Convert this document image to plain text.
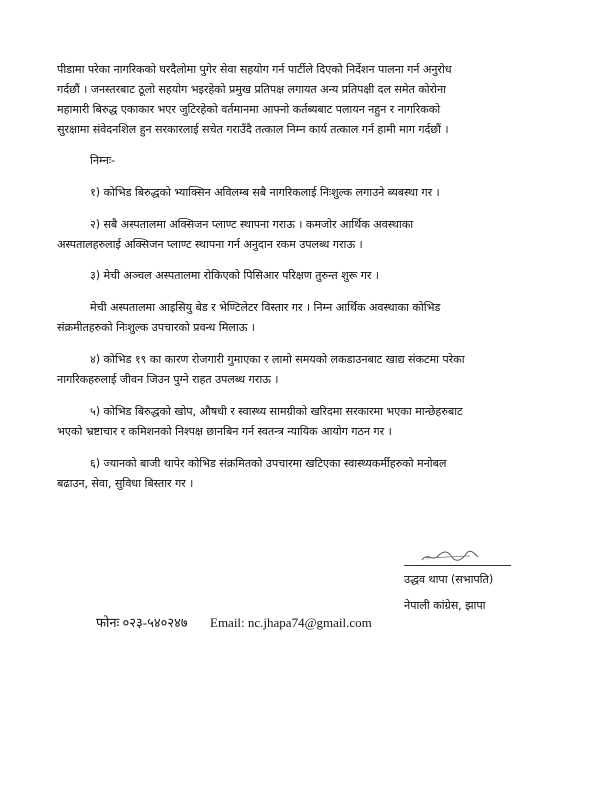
पीडामा परेका नागरिकको घरदैलोमा पुगेर सेवा सहयोग गर्न पार्टीले दिएको निर्देशन पालना गर्न अनुरोध
गर्दछौं । जनस्तरबाट ठूलो सहयोग भइरहेको प्रमुख प्रतिपक्ष लगायत अन्य प्रतिपक्षी दल समेत कोरोना
महामारी बिरुद्ध एकाकार भएर जुटिरहेको वर्तमानमा आफ्नो कर्तब्यबाट पलायन नहुन र नागरिकको
सुरक्षामा संवेदनशिल हुन सरकारलाई सचेत गराउँदै तत्काल निम्न कार्य तत्काल गर्न हामी माग गर्दछौं ।
निम्नः-
१) कोभिड बिरुद्धको भ्याक्सिन अविलम्ब सबै नागरिकलाई निःशुल्क लगाउने ब्यबस्था गर ।
२) सबै अस्पतालमा अक्सिजन प्लाण्ट स्थापना गराऊ । कमजोर आर्थिक अवस्थाका
अस्पतालहरुलाई अक्सिजन प्लाण्ट स्थापना गर्न अनुदान रकम उपलब्ध गराऊ ।
३) मेची अञ्चल अस्पतालमा रोकिएको पिसिआर परिक्षण तुरुन्त शुरू गर ।
मेची अस्पतालमा आइसियु बेड र भेण्टिलेटर विस्तार गर । निम्न आर्थिक अवस्थाका कोभिड
संक्रमीतहरुको निःशुल्क उपचारको प्रवन्ध मिलाऊ ।
४) कोभिड १९ का कारण रोजगारी गुमाएका र लामो समयको लकडाउनबाट खाद्य संकटमा परेका
नागरिकहरुलाई जीवन जिउन पुग्ने राहत उपलब्ध गराऊ ।
५) कोभिड बिरुद्धको खोप, औषधी र स्वास्थ्य सामग्रीको खरिदमा सरकारमा भएका मान्छेहरुबाट
भएको भ्रष्टाचार र कमिशनको निश्पक्ष छानबिन गर्न स्वतन्त्र न्यायिक आयोग गठन गर ।
६) ज्यानको बाजी थापेर कोभिड संक्रमितको उपचारमा खटिएका स्वास्थ्यकर्मीहरुको मनोबल
बढाउन, सेवा, सुविधा बिस्तार गर ।
उद्धव थापा (सभापति)
नेपाली कांग्रेस, झापा
फोनः ०२३-५४०२४७ Email: nc.jhapa74@gmail.com
